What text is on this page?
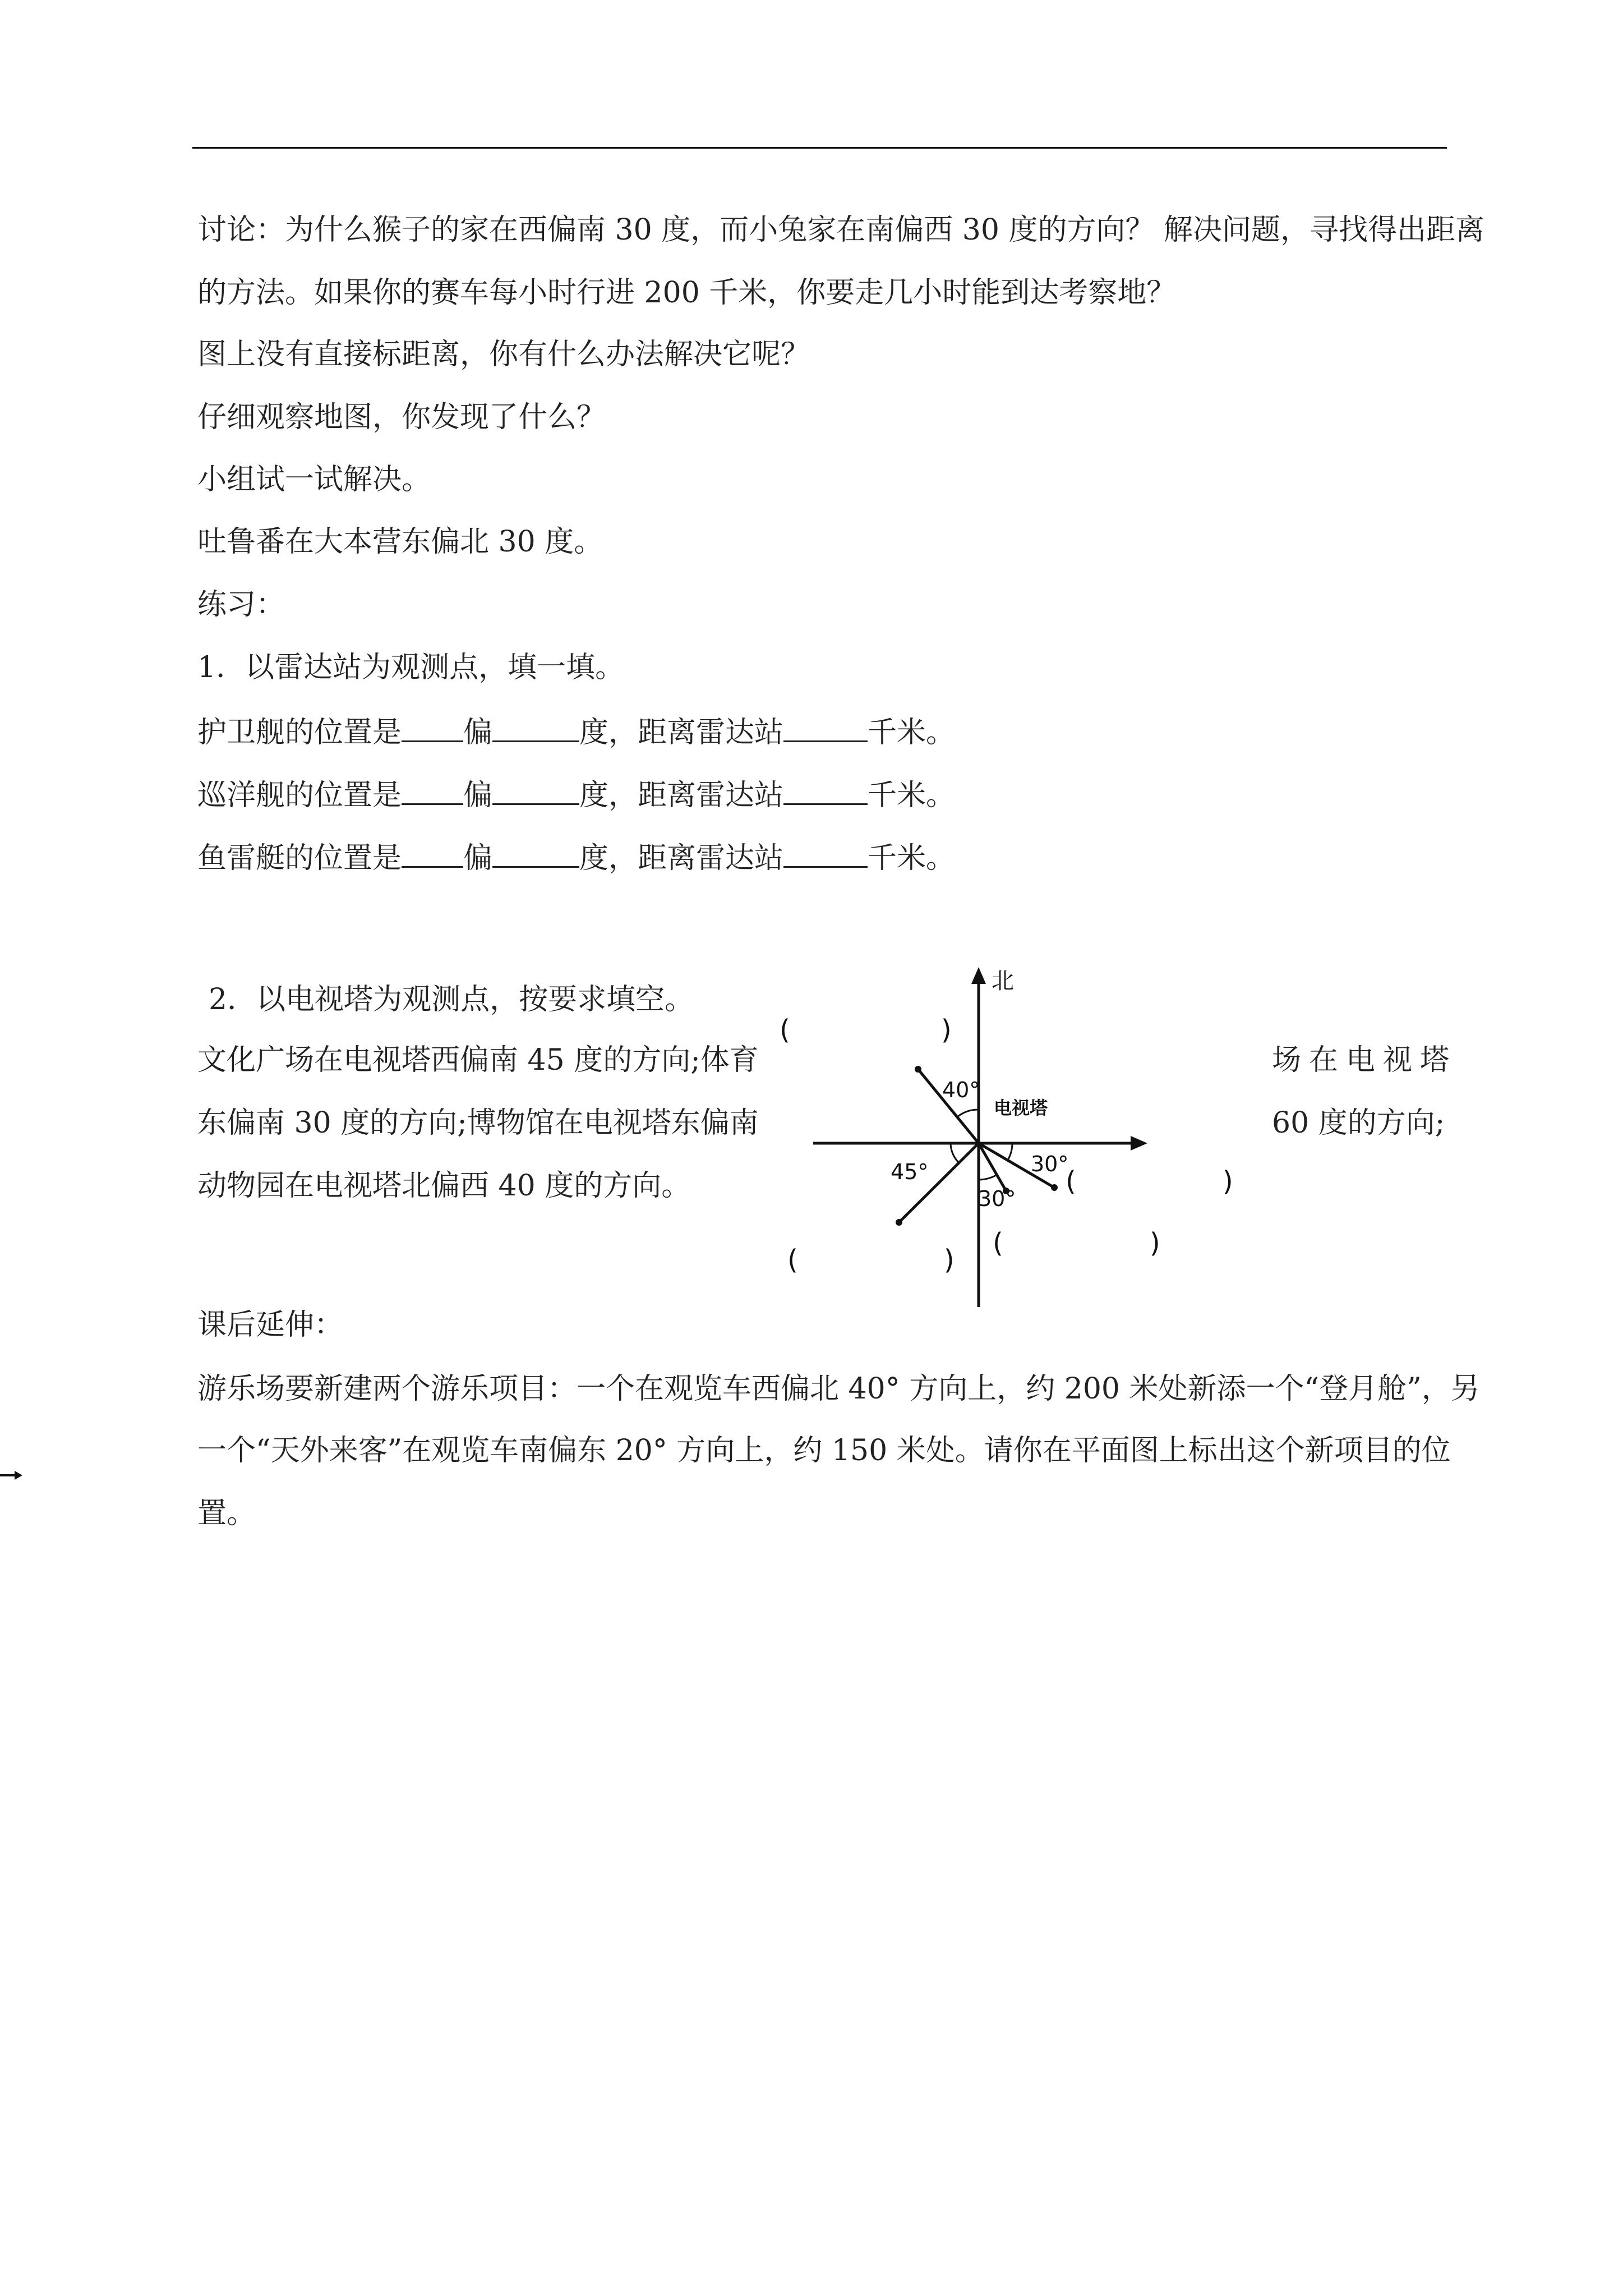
讨论：为什么猴子的家在西偏南 30 度，而小兔家在南偏西 30 度的方向？ 解决问题，寻找得出距离
的方法。如果你的赛车每小时行进 200 千米，你要走几小时能到达考察地？
图上没有直接标距离，你有什么办法解决它呢？
仔细观察地图，你发现了什么？
小组试一试解决。
吐鲁番在大本营东偏北 30 度。
练习：
1．以雷达站为观测点，填一填。
护卫舰的位置是 偏	度，距离雷达站	千米。
巡洋舰的位置是 偏	度，距离雷达站	千米。
鱼雷艇的位置是 偏	度，距离雷达站	千米。
2．以电视塔为观测点，按要求填空。
文化广场在电视塔西偏南 45 度的方向;体育	场在电视塔
东偏南 30 度的方向;博物馆在电视塔东偏南	60 度的方向;
动物园在电视塔北偏西 40 度的方向。
北
40°
电视塔
45°	30°
30°
(	)
(	)
(	)
(	)
课后延伸：
游乐场要新建两个游乐项目：一个在观览车西偏北 40° 方向上，约 200 米处新添一个“登月舱”，另
一个“天外来客”在观览车南偏东 20° 方向上，约 150 米处。请你在平面图上标出这个新项目的位
置。
